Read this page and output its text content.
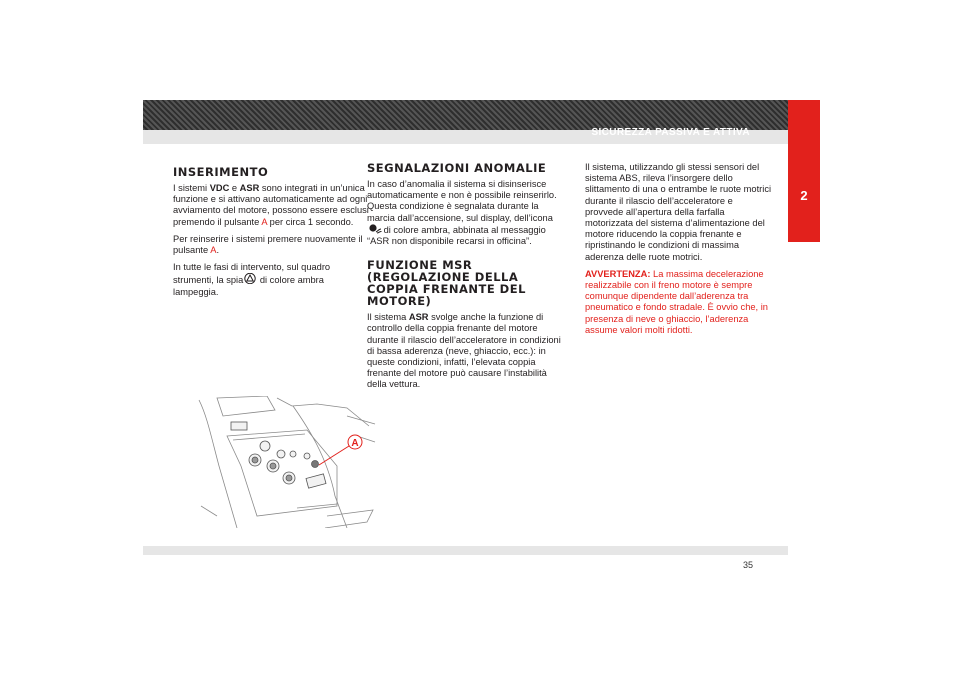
SICUREZZA PASSIVA E ATTIVA
2
INSERIMENTO

I sistemi VDC e ASR sono integrati in un’unica funzione e si attivano automaticamente ad ogni avviamento del motore, possono essere esclusi premendo il pulsante A per circa 1 secondo.

Per reinserire i sistemi premere nuovamente il pulsante A.

In tutte le fasi di intervento, sul quadro strumenti, la spia di colore ambra lampeggia.

A
SEGNALAZIONI ANOMALIE

In caso d’anomalia il sistema si disinserisce automaticamente e non è possibile reinserirlo. Questa condizione è segnalata durante la marcia dall’accensione, sul display, dell’icona di colore ambra, abbinata al messaggio “ASR non disponibile recarsi in officina”.

FUNZIONE MSR (REGOLAZIONE DELLA COPPIA FRENANTE DEL MOTORE)

Il sistema ASR svolge anche la funzione di controllo della coppia frenante del motore durante il rilascio dell’acceleratore in condizioni di bassa aderenza (neve, ghiaccio, ecc.): in queste condizioni, infatti, l’elevata coppia frenante del motore può causare l’instabilità della vettura.

Il sistema, utilizzando gli stessi sensori del sistema ABS, rileva l’insorgere dello slittamento di una o entrambe le ruote motrici durante il rilascio dell’acceleratore e provvede all’apertura della farfalla motorizzata del sistema d’alimentazione del motore riducendo la coppia frenante e ripristinando le condizioni di massima aderenza delle ruote motrici.

AVVERTENZA: La massima decelerazione realizzabile con il freno motore è sempre comunque dipendente dall’aderenza tra pneumatico e fondo stradale. È ovvio che, in presenza di neve o ghiaccio, l’aderenza assume valori molti ridotti.

35
